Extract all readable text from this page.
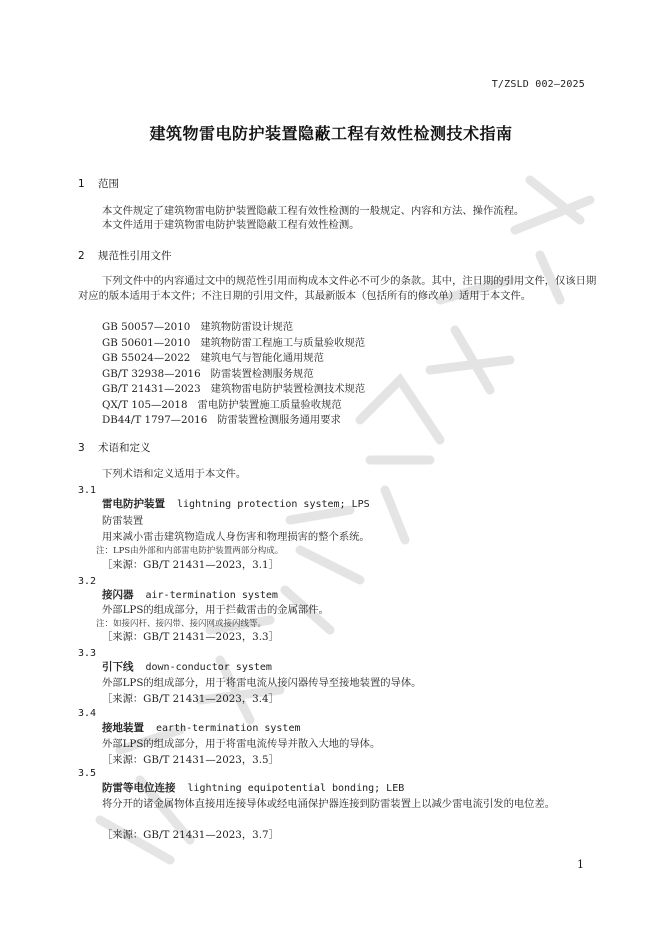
T/ZSLD 002—2025
建筑物雷电防护装置隐蔽工程有效性检测技术指南
1 范围
本文件规定了建筑物雷电防护装置隐蔽工程有效性检测的一般规定、内容和方法、操作流程。
本文件适用于建筑物雷电防护装置隐蔽工程有效性检测。
2 规范性引用文件
下列文件中的内容通过文中的规范性引用而构成本文件必不可少的条款。其中，注日期的引用文件，仅该日期对应的版本适用于本文件；不注日期的引用文件，其最新版本（包括所有的修改单）适用于本文件。
GB 50057—2010 建筑物防雷设计规范
GB 50601—2010 建筑物防雷工程施工与质量验收规范
GB 55024—2022 建筑电气与智能化通用规范
GB/T 32938—2016 防雷装置检测服务规范
GB/T 21431—2023 建筑物雷电防护装置检测技术规范
QX/T 105—2018 雷电防护装置施工质量验收规范
DB44/T 1797—2016 防雷装置检测服务通用要求
3 术语和定义
下列术语和定义适用于本文件。
3.1
雷电防护装置 lightning protection system; LPS
防雷装置
用来减小雷击建筑物造成人身伤害和物理损害的整个系统。
注：LPS由外部和内部雷电防护装置两部分构成。
［来源：GB/T 21431—2023，3.1］
3.2
接闪器 air-termination system
外部LPS的组成部分，用于拦截雷击的金属部件。
注：如接闪杆、接闪带、接闪网或接闪线等。
［来源：GB/T 21431—2023，3.3］
3.3
引下线 down-conductor system
外部LPS的组成部分，用于将雷电流从接闪器传导至接地装置的导体。
［来源：GB/T 21431—2023，3.4］
3.4
接地装置 earth-termination system
外部LPS的组成部分，用于将雷电流传导并散入大地的导体。
［来源：GB/T 21431—2023，3.5］
3.5
防雷等电位连接 lightning equipotential bonding; LEB
将分开的诸金属物体直接用连接导体或经电涌保护器连接到防雷装置上以减少雷电流引发的电位差。
［来源：GB/T 21431—2023，3.7］
1
